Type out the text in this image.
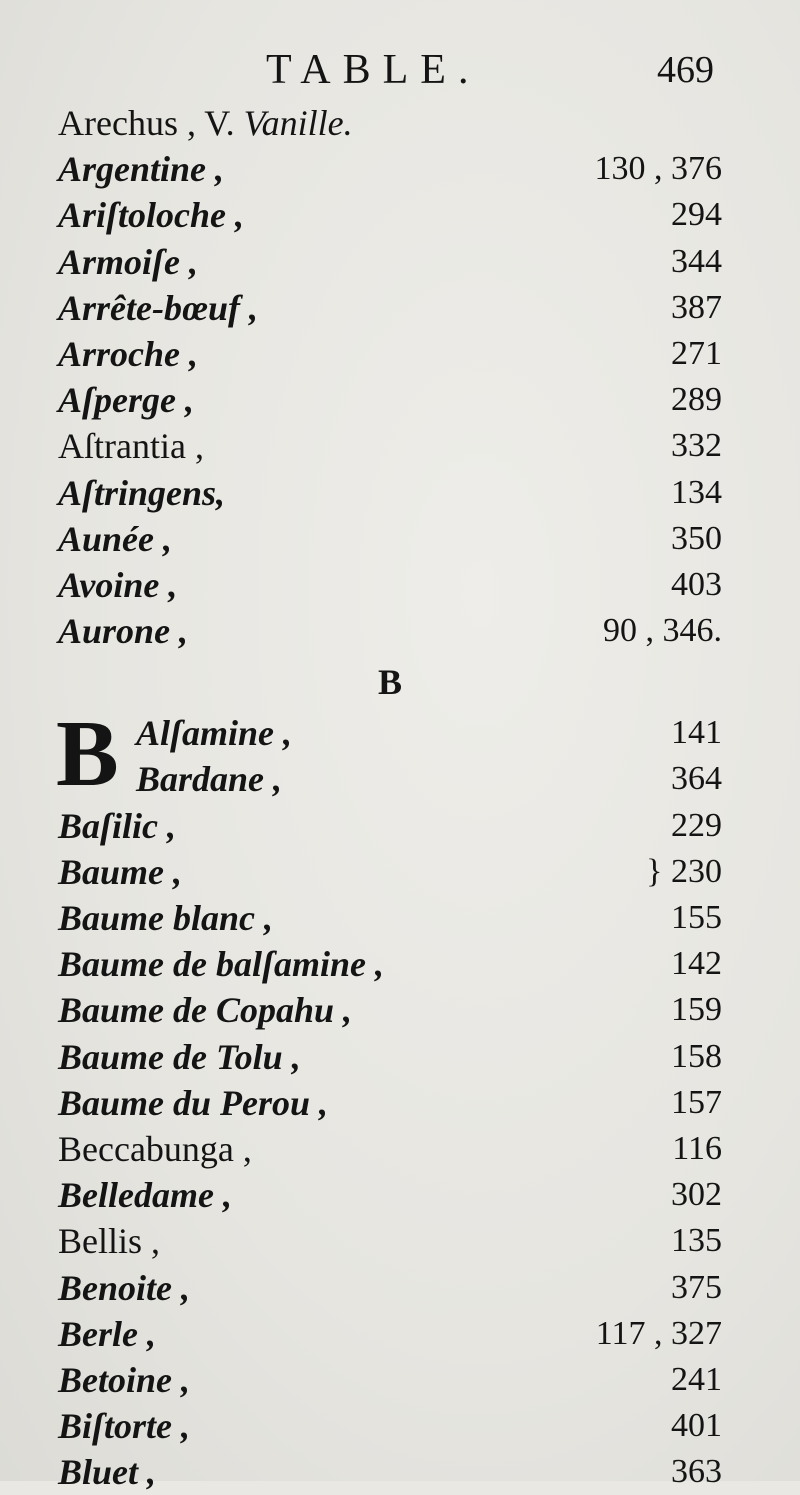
TABLE.	469
Arechus , V. Vanille.
Argentine ,	130 , 376
Ariſtoloche ,	294
Armoiſe ,	344
Arrête-bœuf ,	387
Arroche ,	271
Aſperge ,	289
Aſtrantia ,	332
Aſtringens,	134
Aunée ,	350
Avoine ,	403
Aurone ,	90 , 346.
B
B Alſamine ,	141
Bardane ,	364
Baſilic ,	229
Baume ,	} 230
Baume blanc ,	155
Baume de balſamine ,	142
Baume de Copahu ,	159
Baume de Tolu ,	158
Baume du Perou ,	157
Beccabunga ,	116
Belledame ,	302
Bellis ,	135
Benoite ,	375
Berle ,	117 , 327
Betoine ,	241
Biſtorte ,	401
Bluet ,	363
